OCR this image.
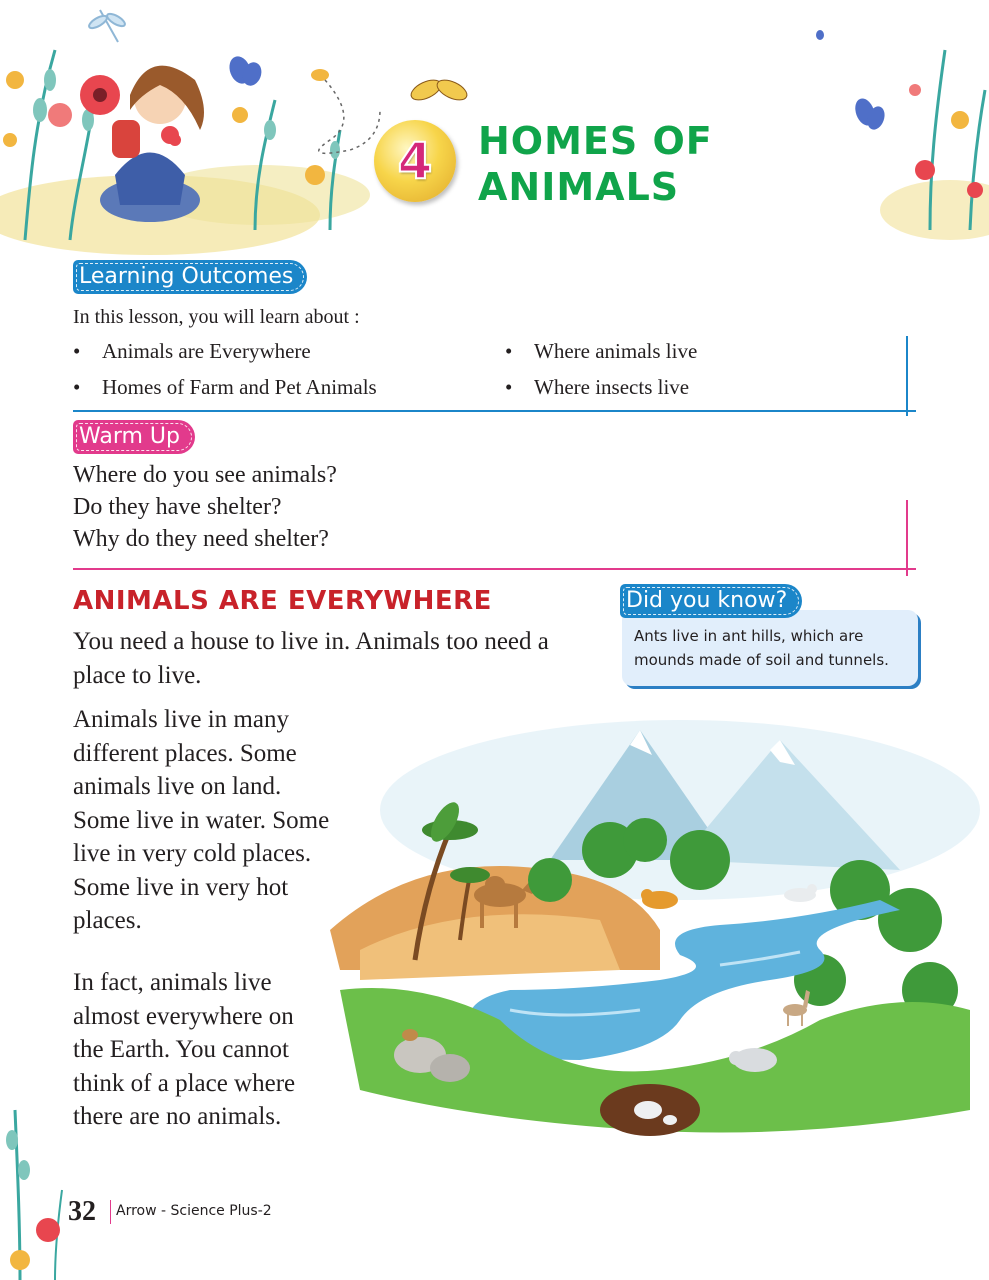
4 HOMES OF
ANIMALS
Learning Outcomes
In this lesson, you will learn about :
• Animals are Everywhere
• Homes of Farm and Pet Animals
• Where animals live
• Where insects live
Warm Up
Where do you see animals?
Do they have shelter?
Why do they need shelter?
ANIMALS ARE EVERYWHERE
You need a house to live in. Animals too need a place to live.
Animals live in many
different places. Some
animals live on land.
Some live in water. Some
live in very cold places.
Some live in very hot
places.
In fact, animals live
almost everywhere on
the Earth. You cannot
think of a place where
there are no animals.
Ants live in ant hills, which are mounds made of soil and tunnels.
Did you know?
32 Arrow - Science Plus-2
